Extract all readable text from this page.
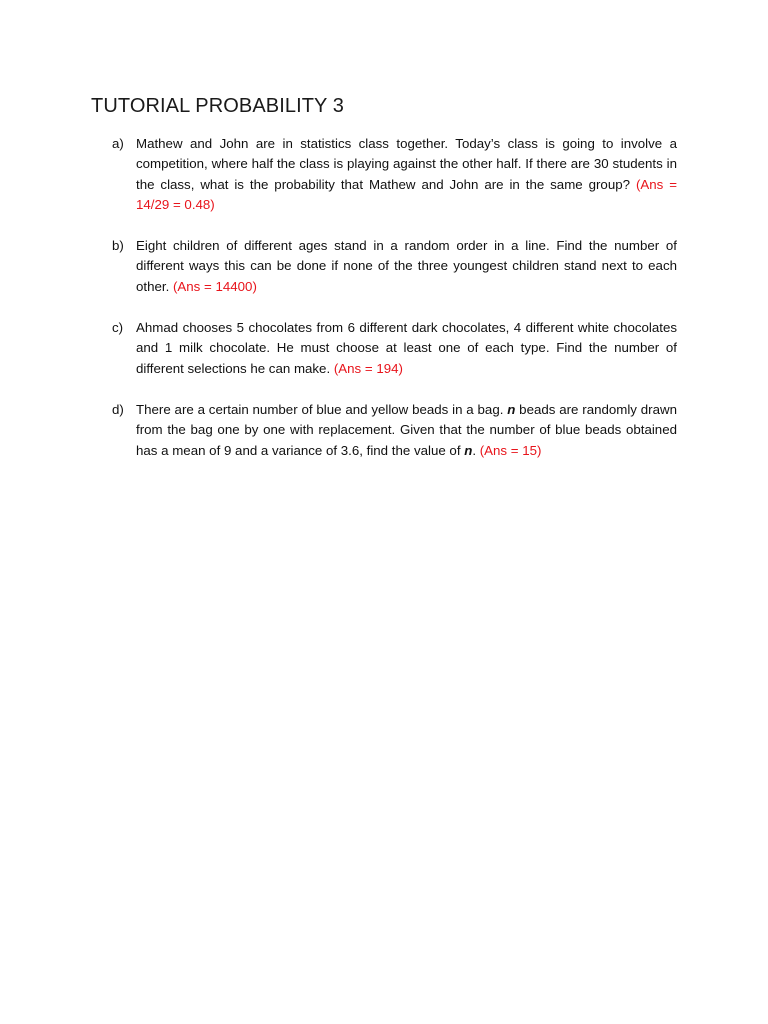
TUTORIAL PROBABILITY 3
a) Mathew and John are in statistics class together. Today’s class is going to involve a competition, where half the class is playing against the other half. If there are 30 students in the class, what is the probability that Mathew and John are in the same group? (Ans = 14/29 = 0.48)
b) Eight children of different ages stand in a random order in a line. Find the number of different ways this can be done if none of the three youngest children stand next to each other. (Ans = 14400)
c) Ahmad chooses 5 chocolates from 6 different dark chocolates, 4 different white chocolates and 1 milk chocolate. He must choose at least one of each type. Find the number of different selections he can make. (Ans = 194)
d) There are a certain number of blue and yellow beads in a bag. n beads are randomly drawn from the bag one by one with replacement. Given that the number of blue beads obtained has a mean of 9 and a variance of 3.6, find the value of n. (Ans = 15)
